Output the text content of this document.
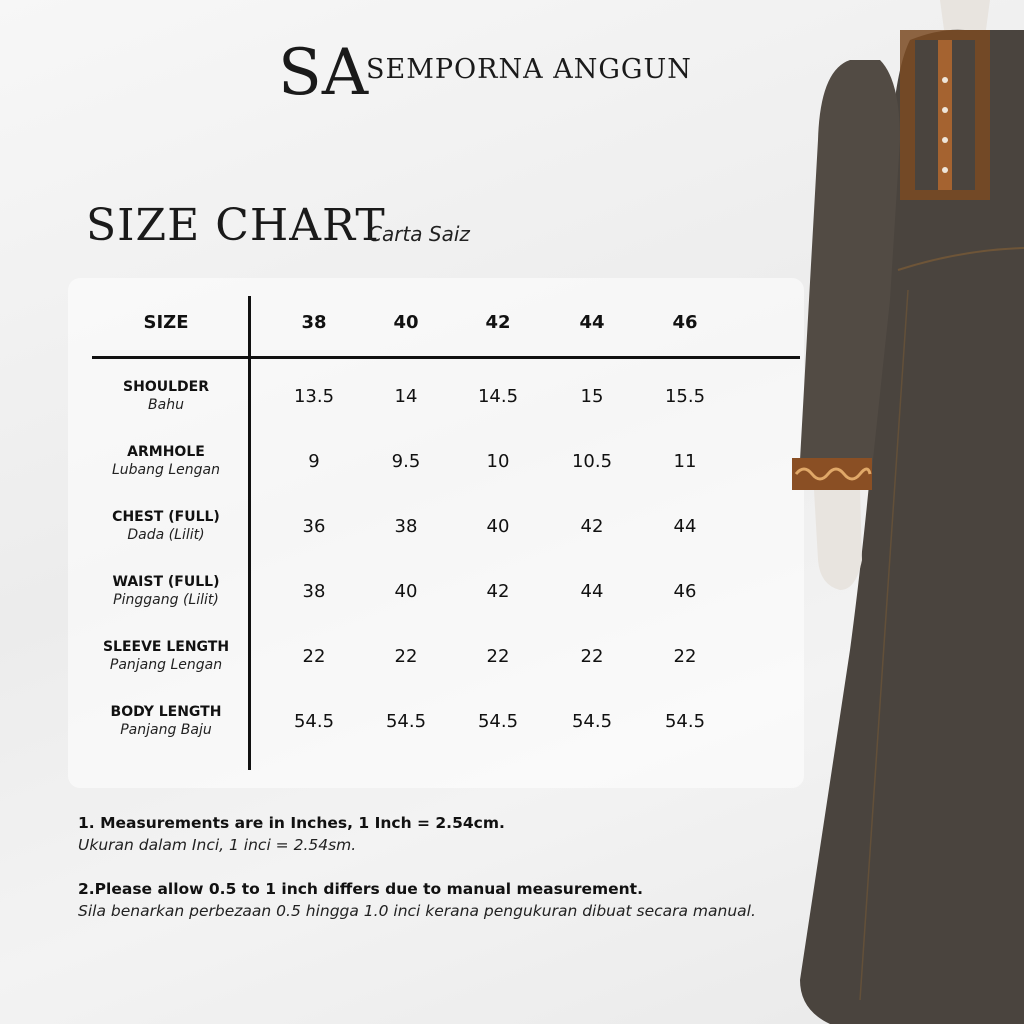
SA
SEMPORNA ANGGUN
SIZE CHART
Carta Saiz
SIZE	38	40	42	44	46
SHOULDER
Bahu	13.5	14	14.5	15	15.5
ARMHOLE
Lubang Lengan	9	9.5	10	10.5	11
CHEST (FULL)
Dada (Lilit)	36	38	40	42	44
WAIST (FULL)
Pinggang (Lilit)	38	40	42	44	46
SLEEVE LENGTH
Panjang Lengan	22	22	22	22	22
BODY LENGTH
Panjang Baju	54.5	54.5	54.5	54.5	54.5
1. Measurements are in Inches, 1 Inch = 2.54cm.
Ukuran dalam Inci, 1 inci = 2.54sm.
2.Please allow 0.5 to 1 inch differs due to manual measurement.
Sila benarkan perbezaan 0.5 hingga 1.0 inci kerana pengukuran dibuat secara manual.
